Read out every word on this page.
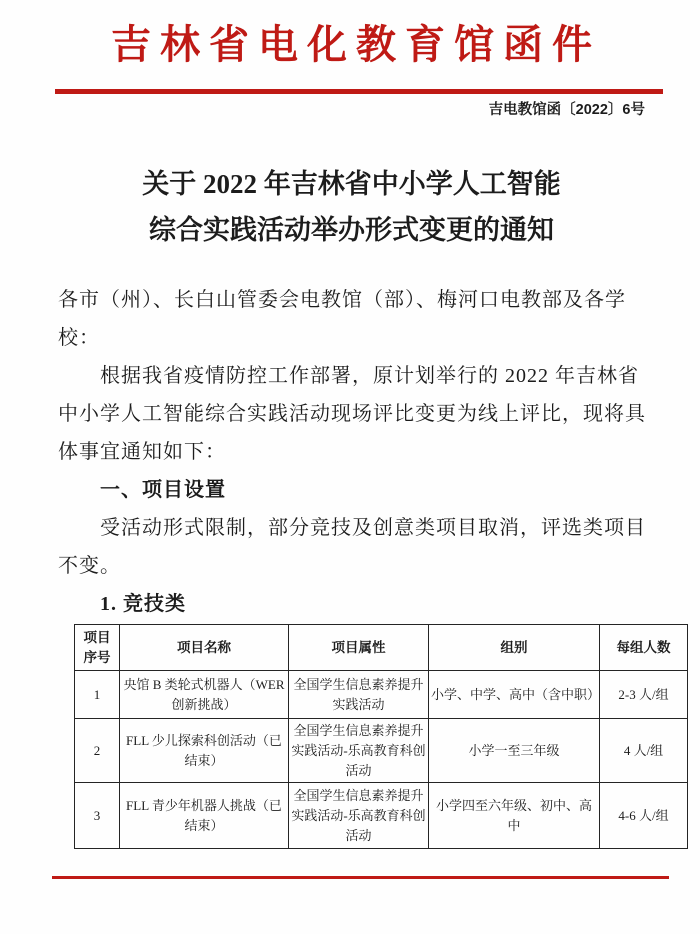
吉林省电化教育馆函件
吉电教馆函〔2022〕6号
关于 2022 年吉林省中小学人工智能
综合实践活动举办形式变更的通知
各市（州）、长白山管委会电教馆（部）、梅河口电教部及各学
校：
根据我省疫情防控工作部署，原计划举行的 2022 年吉林省
中小学人工智能综合实践活动现场评比变更为线上评比，现将具
体事宜通知如下：
一、项目设置
受活动形式限制，部分竞技及创意类项目取消，评选类项目
不变。
1. 竞技类
项目序号	项目名称	项目属性	组别	每组人数
1	央馆 B 类轮式机器人（WER 创新挑战）	全国学生信息素养提升实践活动	小学、中学、高中（含中职）	2-3 人/组
2	FLL 少儿探索科创活动（已结束）	全国学生信息素养提升实践活动-乐高教育科创活动	小学一至三年级	4 人/组
3	FLL 青少年机器人挑战（已结束）	全国学生信息素养提升实践活动-乐高教育科创活动	小学四至六年级、初中、高中	4-6 人/组
